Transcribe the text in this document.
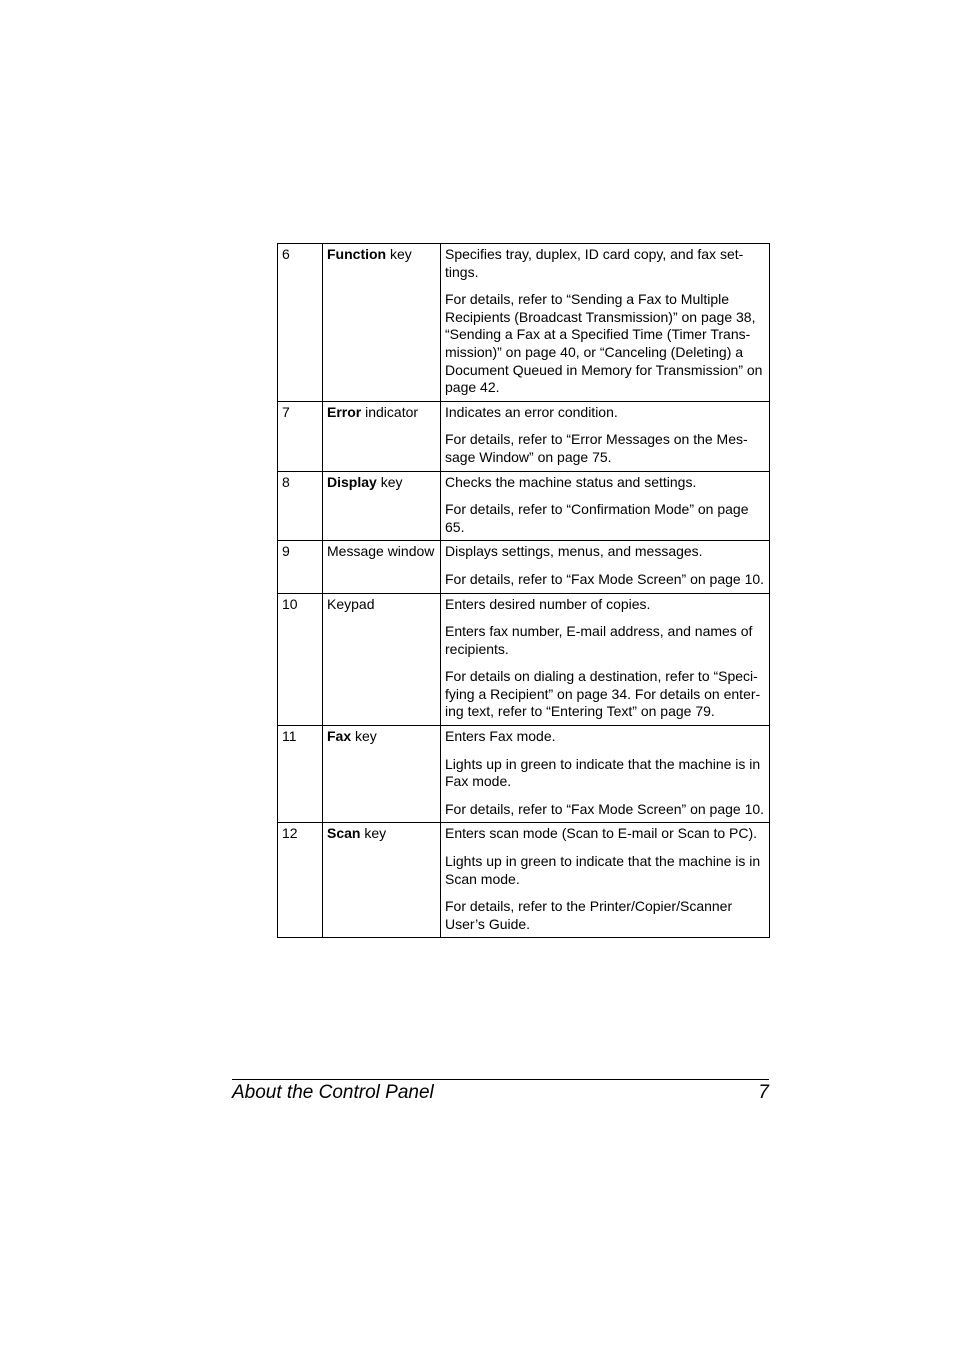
6	Function key	Specifies tray, duplex, ID card copy, and fax set-tings.

For details, refer to “Sending a Fax to Multiple Recipients (Broadcast Transmission)” on page 38, “Sending a Fax at a Specified Time (Timer Trans-mission)” on page 40, or “Canceling (Deleting) a Document Queued in Memory for Transmission” on page 42.

7	Error indicator	Indicates an error condition.

For details, refer to “Error Messages on the Mes-sage Window” on page 75.

8	Display key	Checks the machine status and settings.

For details, refer to “Confirmation Mode” on page 65.

9	Message window	Displays settings, menus, and messages.

For details, refer to “Fax Mode Screen” on page 10.

10	Keypad	Enters desired number of copies.

Enters fax number, E-mail address, and names of recipients.

For details on dialing a destination, refer to “Speci-fying a Recipient” on page 34. For details on enter-ing text, refer to “Entering Text” on page 79.

11	Fax key	Enters Fax mode.

Lights up in green to indicate that the machine is in Fax mode.

For details, refer to “Fax Mode Screen” on page 10.

12	Scan key	Enters scan mode (Scan to E-mail or Scan to PC).

Lights up in green to indicate that the machine is in Scan mode.

For details, refer to the Printer/Copier/Scanner User’s Guide.

About the Control Panel	7
